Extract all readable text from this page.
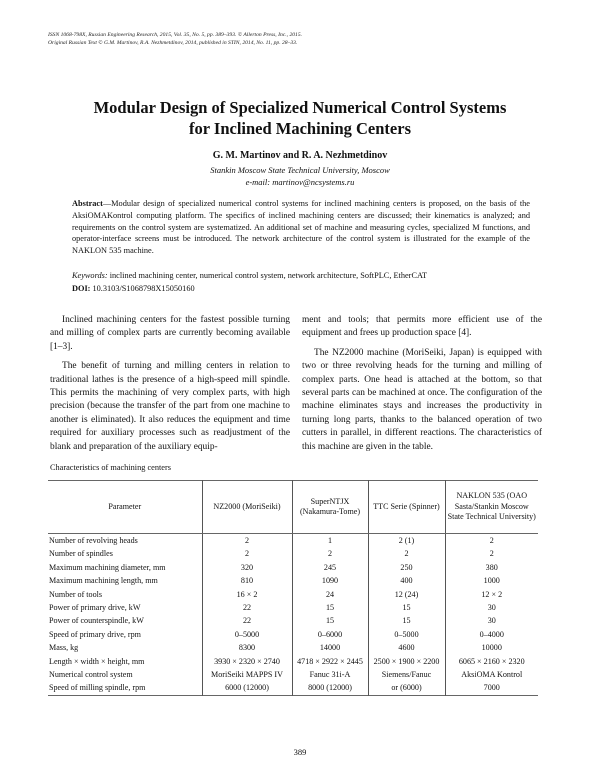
ISSN 1068-798X, Russian Engineering Research, 2015, Vol. 35, No. 5, pp. 389–393. © Allerton Press, Inc., 2015.
Original Russian Text © G.M. Martinov, R.A. Nezhmetdinov, 2014, published in STIN, 2014, No. 11, pp. 28–33.
Modular Design of Specialized Numerical Control Systems
for Inclined Machining Centers
G. M. Martinov and R. A. Nezhmetdinov
Stankin Moscow State Technical University, Moscow
e-mail: martinov@ncsystems.ru
Abstract—Modular design of specialized numerical control systems for inclined machining centers is proposed, on the basis of the AksiOMAKontrol computing platform. The specifics of inclined machining centers are discussed; their kinematics is analyzed; and requirements on the control system are systematized. An additional set of machine and measuring cycles, specialized M functions, and operator-interface screens must be introduced. The network architecture of the control system is illustrated for the example of the NAKLON 535 machine.
Keywords: inclined machining center, numerical control system, network architecture, SoftPLC, EtherCAT
DOI: 10.3103/S1068798X15050160

Inclined machining centers for the fastest possible turning and milling of complex parts are currently becoming available [1–3].

The benefit of turning and milling centers in relation to traditional lathes is the presence of a high-speed mill spindle. This permits the machining of very complex parts, with high precision (because the transfer of the part from one machine to another is eliminated). It also reduces the equipment and time required for auxiliary processes such as readjustment of the blank and preparation of the auxiliary equip-

ment and tools; that permits more efficient use of the equipment and frees up production space [4].

The NZ2000 machine (MoriSeiki, Japan) is equipped with two or three revolving heads for the turning and milling of complex parts. One head is attached at the bottom, so that several parts can be machined at once. The configuration of the machine eliminates stays and increases the productivity in turning long parts, thanks to the balanced operation of two cutters in parallel, in different reactions. The characteristics of this machine are given in the table.

Characteristics of machining centers
Parameter	NZ2000 (MoriSeiki)	SuperNTJX (Nakamura-Tome)	TTC Serie (Spinner)	NAKLON 535 (OAO Sasta/Stankin Moscow State Technical University)
Number of revolving heads	2	1	2 (1)	2
Number of spindles	2	2	2	2
Maximum machining diameter, mm	320	245	250	380
Maximum machining length, mm	810	1090	400	1000
Number of tools	16 × 2	24	12 (24)	12 × 2
Power of primary drive, kW	22	15	15	30
Power of counterspindle, kW	22	15	15	30
Speed of primary drive, rpm	0–5000	0–6000	0–5000	0–4000
Mass, kg	8300	14000	4600	10000
Length × width × height, mm	3930 × 2320 × 2740	4718 × 2922 × 2445	2500 × 1900 × 2200	6065 × 2160 × 2320
Numerical control system	MoriSeiki MAPPS IV	Fanuc 31i-A	Siemens/Fanuc	AksiOMA Kontrol
Speed of milling spindle, rpm	6000 (12000)	8000 (12000)	or (6000)	7000
389
